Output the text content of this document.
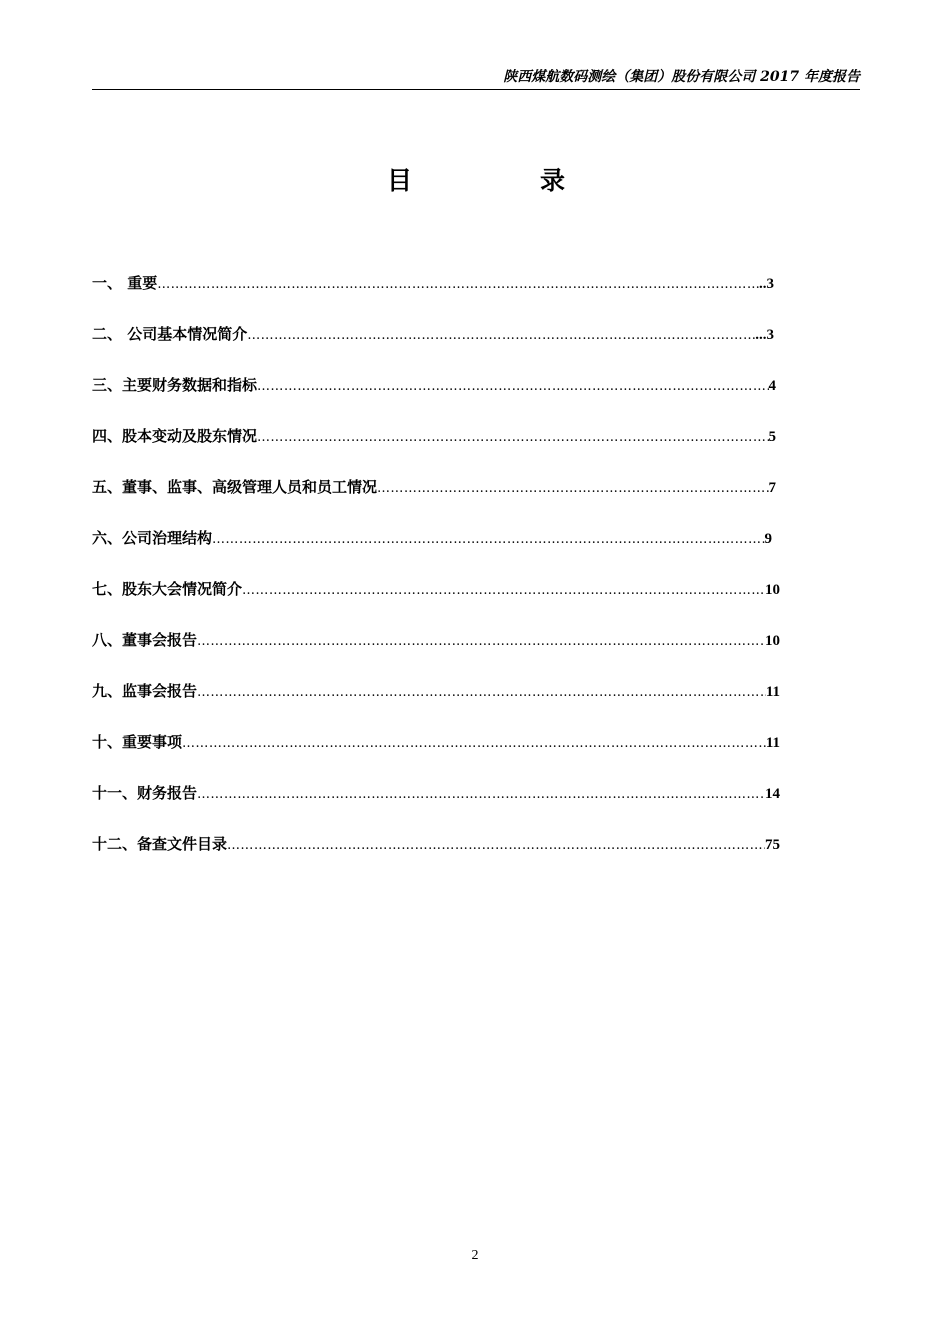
陕西煤航数码测绘（集团）股份有限公司 2017 年度报告
目	录
一、 重要 …………………………………………………………………………………………………………………………………………………………………………………………………………	..3
二、 公司基本情况简介 …………………………………………………………………………………………………………………………………………………………………………………………………………	...3
三、主要财务数据和指标 …………………………………………………………………………………………………………………………………………………………………………………………………………	4
四、股本变动及股东情况 …………………………………………………………………………………………………………………………………………………………………………………………………………	5
五、董事、监事、高级管理人员和员工情况 …………………………………………………………………………………………………………………………………………………………………………………………………………	7
六、公司治理结构 …………………………………………………………………………………………………………………………………………………………………………………………………………	9
七、股东大会情况简介 …………………………………………………………………………………………………………………………………………………………………………………………………………	10
八、董事会报告 …………………………………………………………………………………………………………………………………………………………………………………………………………	10
九、监事会报告 …………………………………………………………………………………………………………………………………………………………………………………………………………	11
十、重要事项 …………………………………………………………………………………………………………………………………………………………………………………………………………	11
十一、财务报告 …………………………………………………………………………………………………………………………………………………………………………………………………………	14
十二、备查文件目录 …………………………………………………………………………………………………………………………………………………………………………………………………………	75
2
